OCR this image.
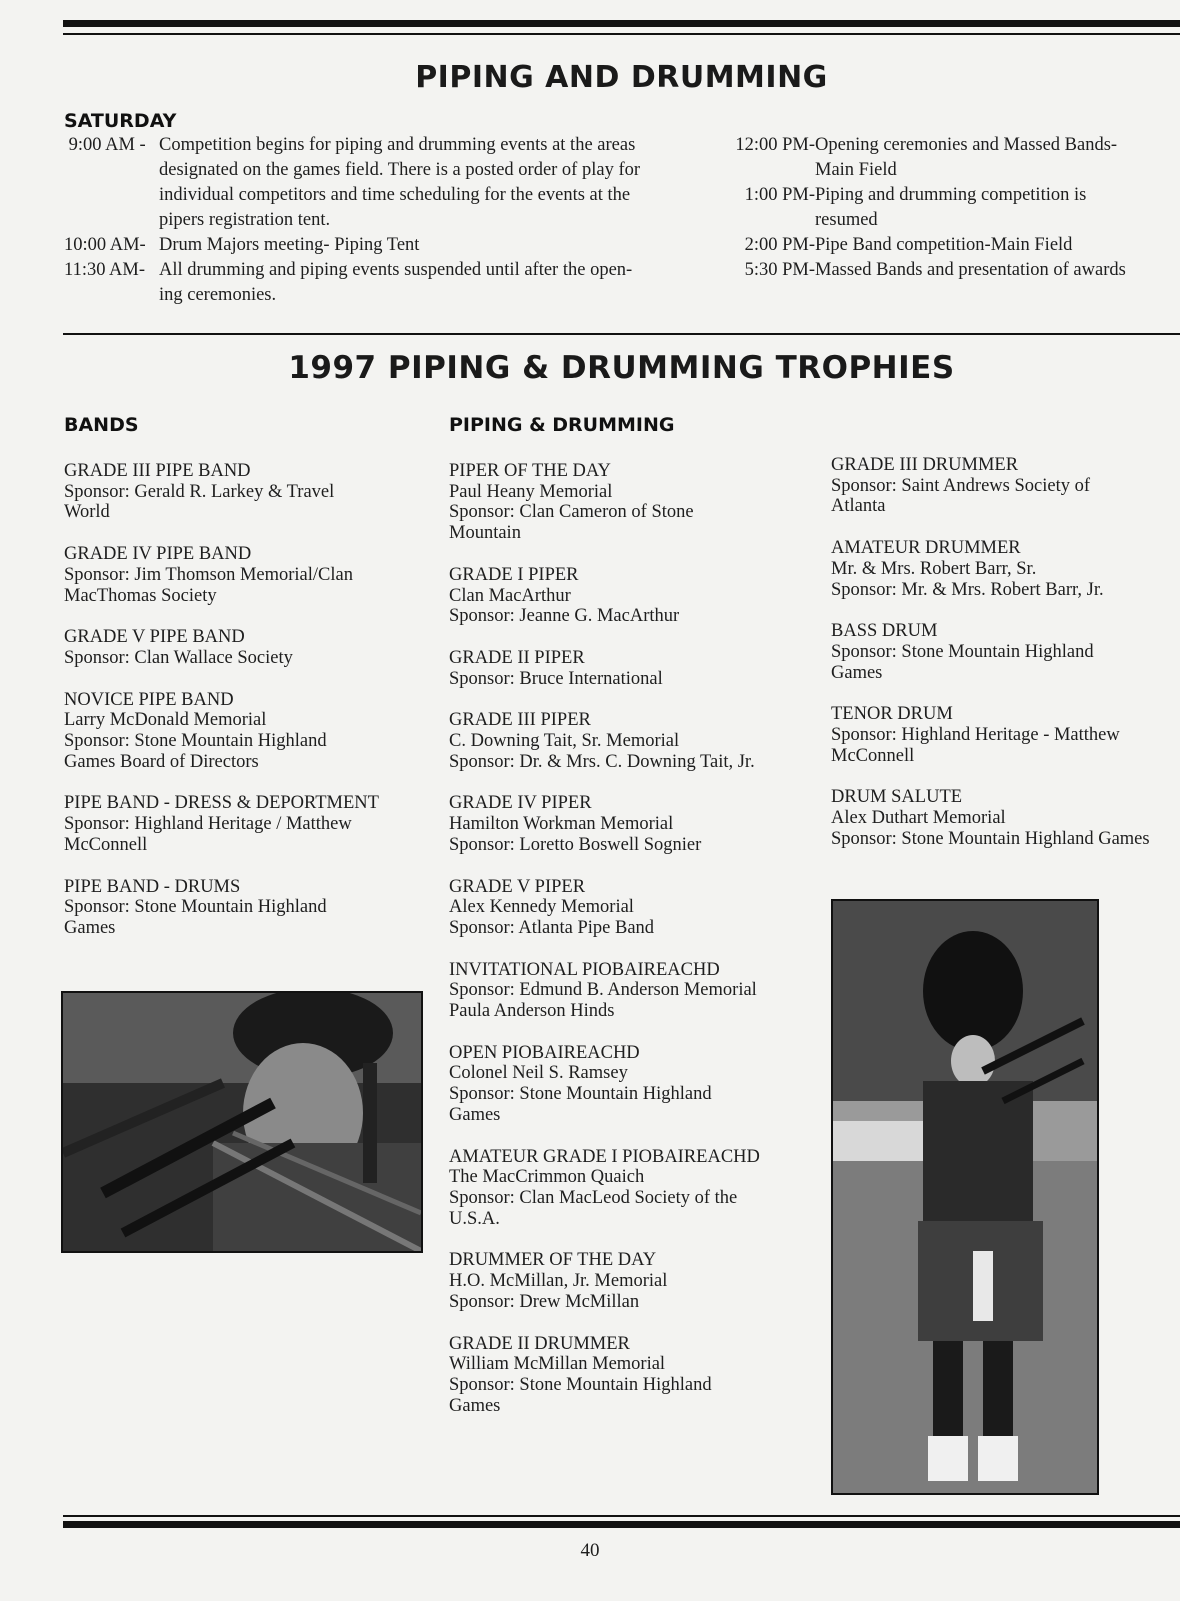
PIPING AND DRUMMING
SATURDAY
9:00 AM - Competition begins for piping and drumming events at the areas
designated on the games field. There is a posted order of play for
individual competitors and time scheduling for the events at the
pipers registration tent.
10:00 AM- Drum Majors meeting- Piping Tent
11:30 AM- All drumming and piping events suspended until after the open-
ing ceremonies.
12:00 PM- Opening ceremonies and Massed Bands-
Main Field
1:00 PM- Piping and drumming competition is
resumed
2:00 PM- Pipe Band competition-Main Field
5:30 PM- Massed Bands and presentation of awards
1997 PIPING & DRUMMING TROPHIES
BANDS	PIPING & DRUMMING
GRADE III PIPE BAND
Sponsor: Gerald R. Larkey & Travel
World
GRADE IV PIPE BAND
Sponsor: Jim Thomson Memorial/Clan
MacThomas Society
GRADE V PIPE BAND
Sponsor: Clan Wallace Society
NOVICE PIPE BAND
Larry McDonald Memorial
Sponsor: Stone Mountain Highland
Games Board of Directors
PIPE BAND - DRESS & DEPORTMENT
Sponsor: Highland Heritage / Matthew
McConnell
PIPE BAND - DRUMS
Sponsor: Stone Mountain Highland
Games
PIPER OF THE DAY
Paul Heany Memorial
Sponsor: Clan Cameron of Stone
Mountain
GRADE I PIPER
Clan MacArthur
Sponsor: Jeanne G. MacArthur
GRADE II PIPER
Sponsor: Bruce International
GRADE III PIPER
C. Downing Tait, Sr. Memorial
Sponsor: Dr. & Mrs. C. Downing Tait, Jr.
GRADE IV PIPER
Hamilton Workman Memorial
Sponsor: Loretto Boswell Sognier
GRADE V PIPER
Alex Kennedy Memorial
Sponsor: Atlanta Pipe Band
INVITATIONAL PIOBAIREACHD
Sponsor: Edmund B. Anderson Memorial
Paula Anderson Hinds
OPEN PIOBAIREACHD
Colonel Neil S. Ramsey
Sponsor: Stone Mountain Highland
Games
AMATEUR GRADE I PIOBAIREACHD
The MacCrimmon Quaich
Sponsor: Clan MacLeod Society of the
U.S.A.
DRUMMER OF THE DAY
H.O. McMillan, Jr. Memorial
Sponsor: Drew McMillan
GRADE II DRUMMER
William McMillan Memorial
Sponsor: Stone Mountain Highland
Games
GRADE III DRUMMER
Sponsor: Saint Andrews Society of
Atlanta
AMATEUR DRUMMER
Mr. & Mrs. Robert Barr, Sr.
Sponsor: Mr. & Mrs. Robert Barr, Jr.
BASS DRUM
Sponsor: Stone Mountain Highland
Games
TENOR DRUM
Sponsor: Highland Heritage - Matthew
McConnell
DRUM SALUTE
Alex Duthart Memorial
Sponsor: Stone Mountain Highland Games
40
